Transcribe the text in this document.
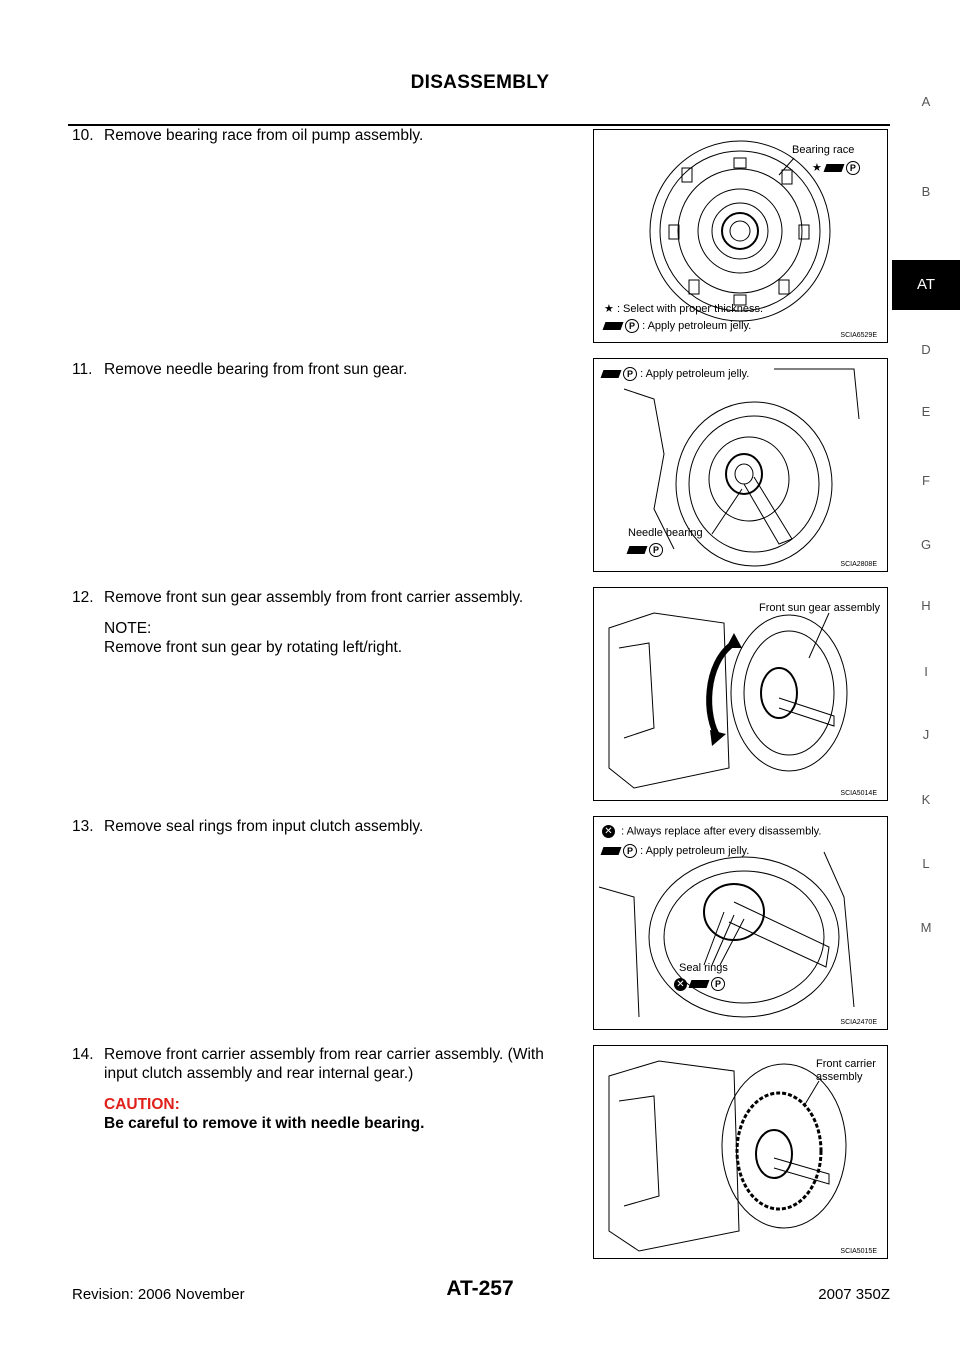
DISASSEMBLY
A
B
AT
D
E
F
G
H
I
J
K
L
M
10. Remove bearing race from oil pump assembly.
11. Remove needle bearing from front sun gear.
12. Remove front sun gear assembly from front carrier assembly.
NOTE:
Remove front sun gear by rotating left/right.
13. Remove seal rings from input clutch assembly.
14. Remove front carrier assembly from rear carrier assembly. (With input clutch assembly and rear internal gear.)
CAUTION:
Be careful to remove it with needle bearing.
Bearing race
★	P
★ : Select with proper thickness.
P : Apply petroleum jelly.
SCIA6529E
P : Apply petroleum jelly.
Needle bearing
P
SCIA2808E
Front sun gear assembly
SCIA5014E
✕ : Always replace after every disassembly.
P : Apply petroleum jelly.
Seal rings
✕	P
SCIA2470E
Front carrier
assembly
SCIA5015E
Revision: 2006 November	AT-257	2007 350Z
